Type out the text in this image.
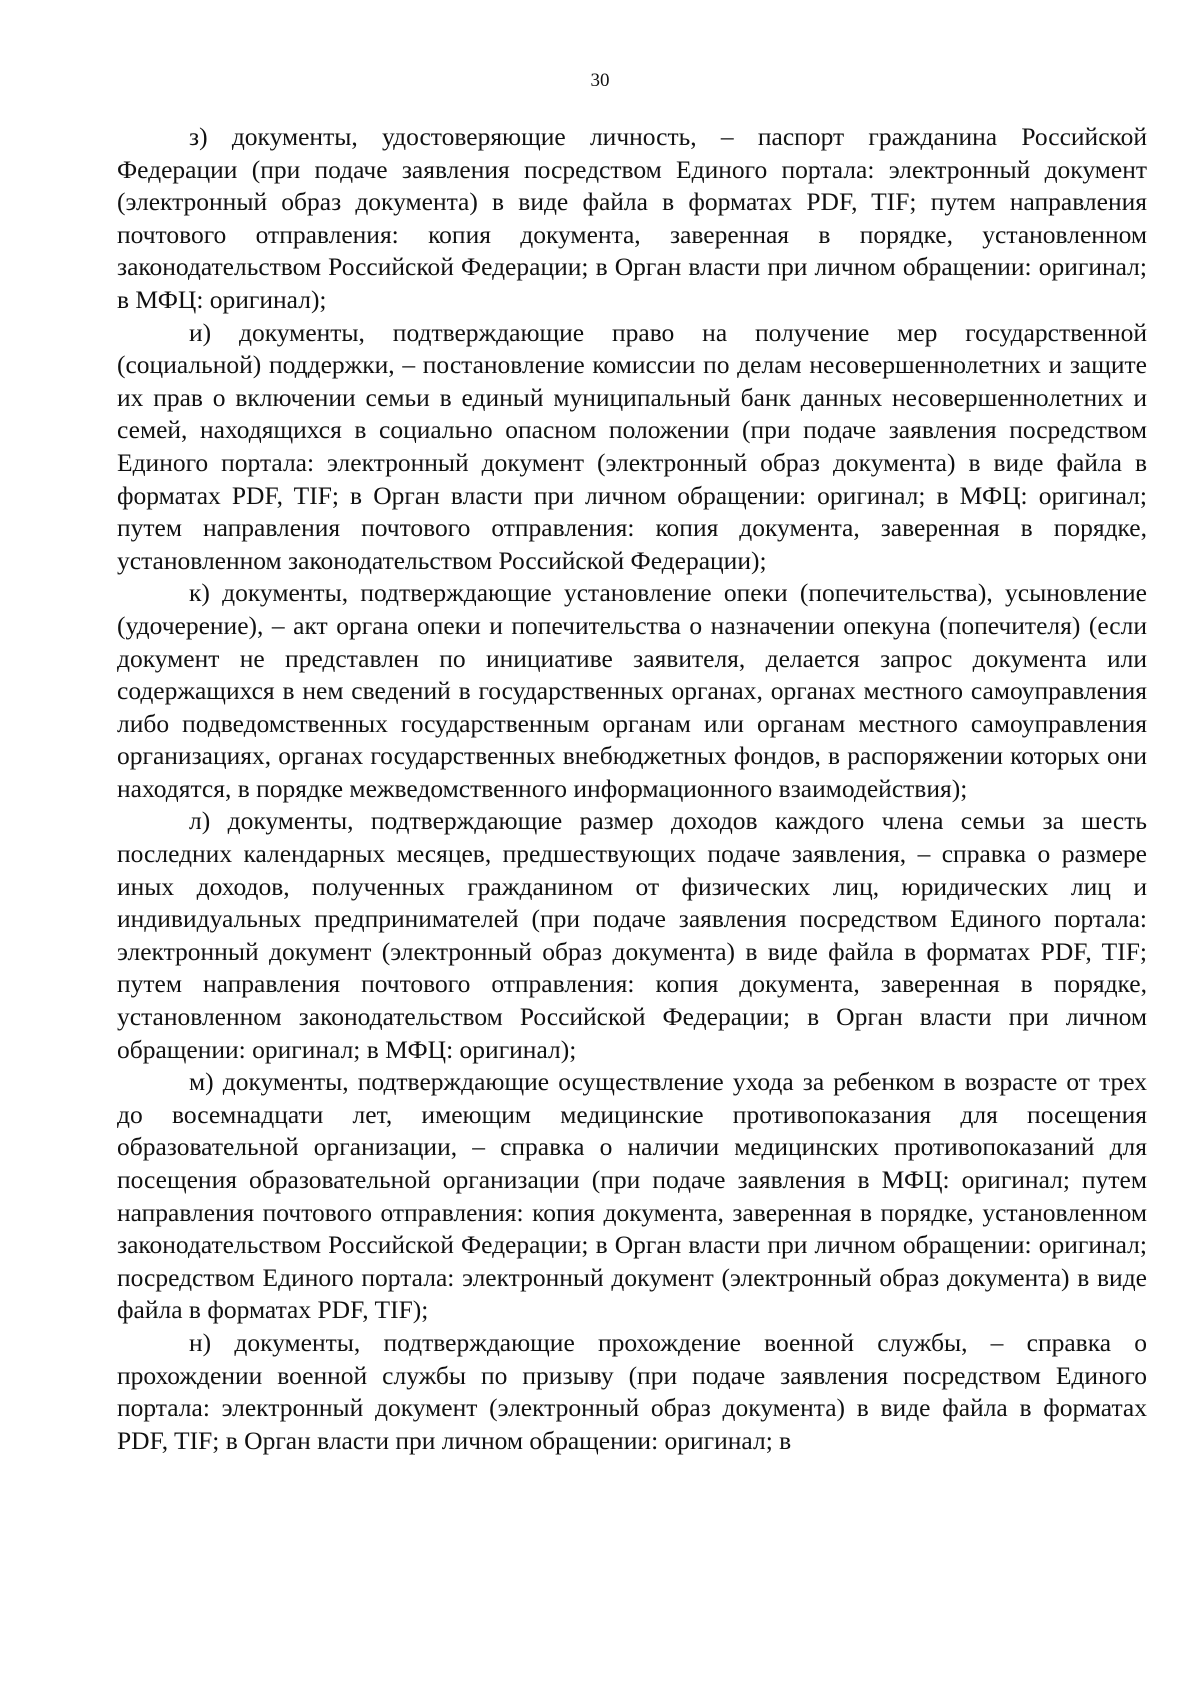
30

з) документы, удостоверяющие личность, – паспорт гражданина Российской Федерации (при подаче заявления посредством Единого портала: электронный документ (электронный образ документа) в виде файла в форматах PDF, TIF; путем направления почтового отправления: копия документа, заверенная в порядке, установленном законодательством Российской Федерации; в Орган власти при личном обращении: оригинал; в МФЦ: оригинал);

и) документы, подтверждающие право на получение мер государственной (социальной) поддержки, – постановление комиссии по делам несовершеннолетних и защите их прав о включении семьи в единый муниципальный банк данных несовершеннолетних и семей, находящихся в социально опасном положении (при подаче заявления посредством Единого портала: электронный документ (электронный образ документа) в виде файла в форматах PDF, TIF; в Орган власти при личном обращении: оригинал; в МФЦ: оригинал; путем направления почтового отправления: копия документа, заверенная в порядке, установленном законодательством Российской Федерации);

к) документы, подтверждающие установление опеки (попечительства), усыновление (удочерение), – акт органа опеки и попечительства о назначении опекуна (попечителя) (если документ не представлен по инициативе заявителя, делается запрос документа или содержащихся в нем сведений в государственных органах, органах местного самоуправления либо подведомственных государственным органам или органам местного самоуправления организациях, органах государственных внебюджетных фондов, в распоряжении которых они находятся, в порядке межведомственного информационного взаимодействия);

л) документы, подтверждающие размер доходов каждого члена семьи за шесть последних календарных месяцев, предшествующих подаче заявления, – справка о размере иных доходов, полученных гражданином от физических лиц, юридических лиц и индивидуальных предпринимателей (при подаче заявления посредством Единого портала: электронный документ (электронный образ документа) в виде файла в форматах PDF, TIF; путем направления почтового отправления: копия документа, заверенная в порядке, установленном законодательством Российской Федерации; в Орган власти при личном обращении: оригинал; в МФЦ: оригинал);

м) документы, подтверждающие осуществление ухода за ребенком в возрасте от трех до восемнадцати лет, имеющим медицинские противопоказания для посещения образовательной организации, – справка о наличии медицинских противопоказаний для посещения образовательной организации (при подаче заявления в МФЦ: оригинал; путем направления почтового отправления: копия документа, заверенная в порядке, установленном законодательством Российской Федерации; в Орган власти при личном обращении: оригинал; посредством Единого портала: электронный документ (электронный образ документа) в виде файла в форматах PDF, TIF);

н) документы, подтверждающие прохождение военной службы, – справка о прохождении военной службы по призыву (при подаче заявления посредством Единого портала: электронный документ (электронный образ документа) в виде файла в форматах PDF, TIF; в Орган власти при личном обращении: оригинал; в
